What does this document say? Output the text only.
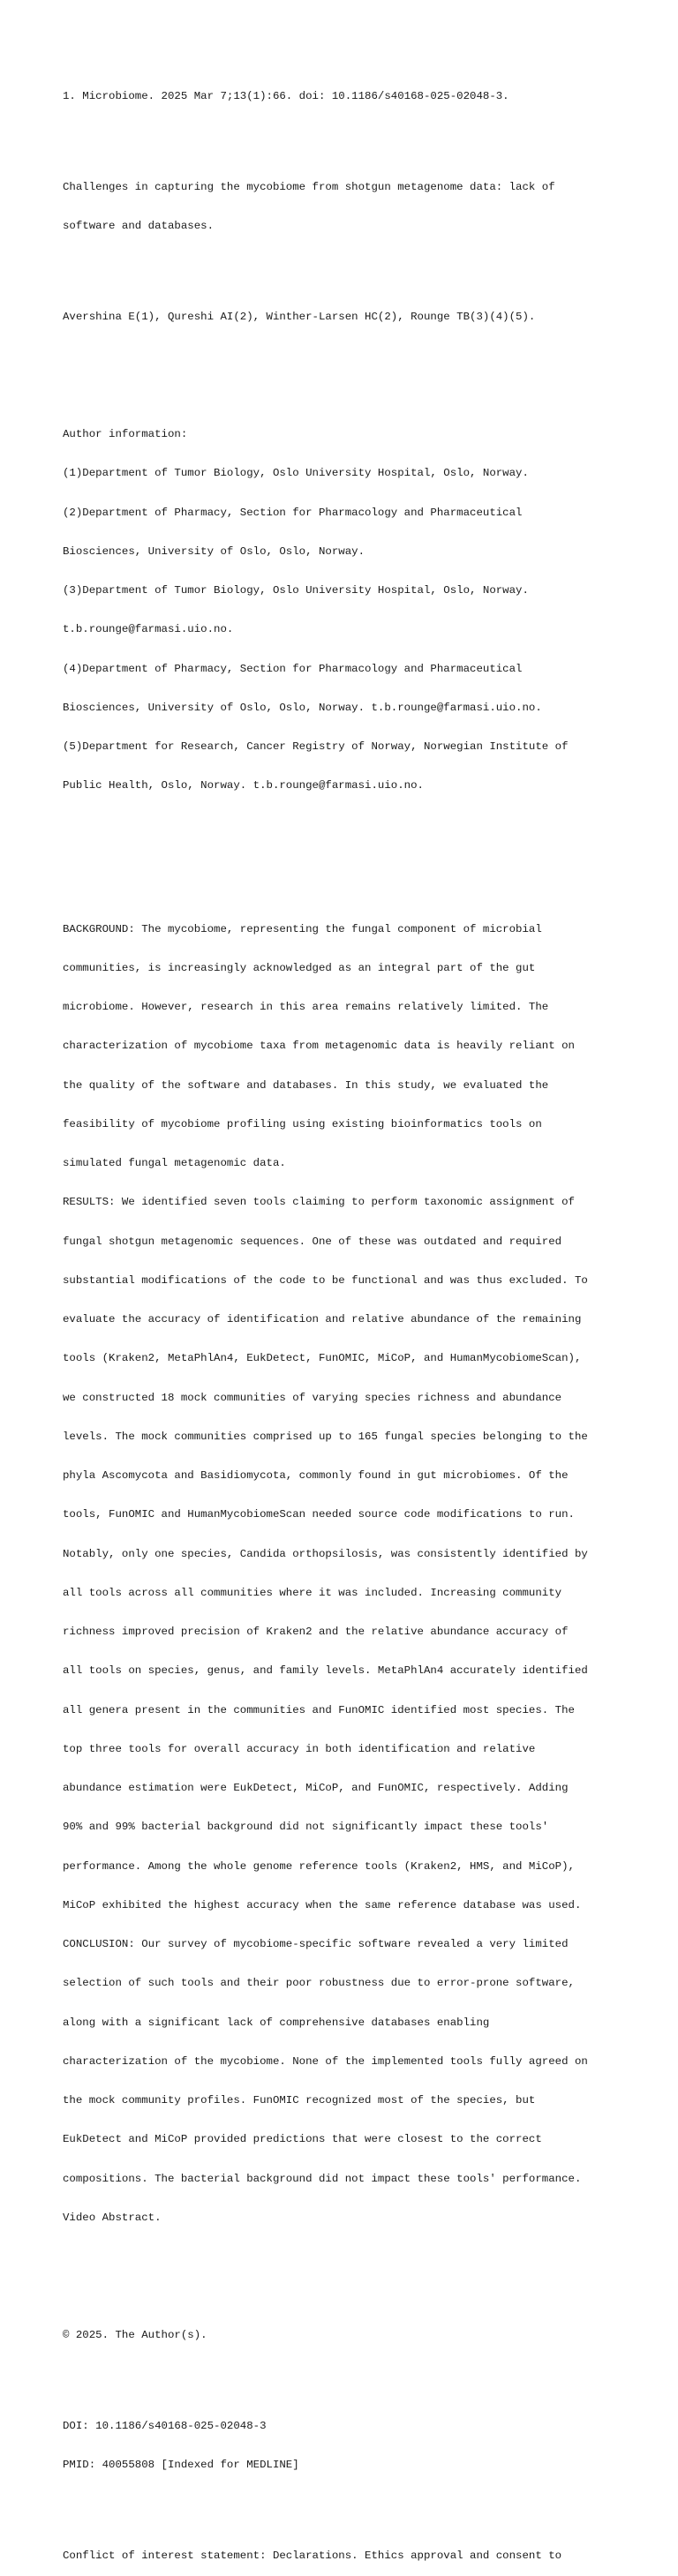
1. Microbiome. 2025 Mar 7;13(1):66. doi: 10.1186/s40168-025-02048-3.

Challenges in capturing the mycobiome from shotgun metagenome data: lack of

software and databases.

Avershina E(1), Qureshi AI(2), Winther-Larsen HC(2), Rounge TB(3)(4)(5).

Author information:

(1)Department of Tumor Biology, Oslo University Hospital, Oslo, Norway.

(2)Department of Pharmacy, Section for Pharmacology and Pharmaceutical

Biosciences, University of Oslo, Oslo, Norway.

(3)Department of Tumor Biology, Oslo University Hospital, Oslo, Norway.

t.b.rounge@farmasi.uio.no.

(4)Department of Pharmacy, Section for Pharmacology and Pharmaceutical

Biosciences, University of Oslo, Oslo, Norway. t.b.rounge@farmasi.uio.no.

(5)Department for Research, Cancer Registry of Norway, Norwegian Institute of

Public Health, Oslo, Norway. t.b.rounge@farmasi.uio.no.

BACKGROUND: The mycobiome, representing the fungal component of microbial

communities, is increasingly acknowledged as an integral part of the gut

microbiome. However, research in this area remains relatively limited. The

characterization of mycobiome taxa from metagenomic data is heavily reliant on

the quality of the software and databases. In this study, we evaluated the

feasibility of mycobiome profiling using existing bioinformatics tools on

simulated fungal metagenomic data.

RESULTS: We identified seven tools claiming to perform taxonomic assignment of

fungal shotgun metagenomic sequences. One of these was outdated and required

substantial modifications of the code to be functional and was thus excluded. To

evaluate the accuracy of identification and relative abundance of the remaining

tools (Kraken2, MetaPhlAn4, EukDetect, FunOMIC, MiCoP, and HumanMycobiomeScan),

we constructed 18 mock communities of varying species richness and abundance

levels. The mock communities comprised up to 165 fungal species belonging to the

phyla Ascomycota and Basidiomycota, commonly found in gut microbiomes. Of the

tools, FunOMIC and HumanMycobiomeScan needed source code modifications to run.

Notably, only one species, Candida orthopsilosis, was consistently identified by

all tools across all communities where it was included. Increasing community

richness improved precision of Kraken2 and the relative abundance accuracy of

all tools on species, genus, and family levels. MetaPhlAn4 accurately identified

all genera present in the communities and FunOMIC identified most species. The

top three tools for overall accuracy in both identification and relative

abundance estimation were EukDetect, MiCoP, and FunOMIC, respectively. Adding

90% and 99% bacterial background did not significantly impact these tools'

performance. Among the whole genome reference tools (Kraken2, HMS, and MiCoP),

MiCoP exhibited the highest accuracy when the same reference database was used.

CONCLUSION: Our survey of mycobiome-specific software revealed a very limited

selection of such tools and their poor robustness due to error-prone software,

along with a significant lack of comprehensive databases enabling

characterization of the mycobiome. None of the implemented tools fully agreed on

the mock community profiles. FunOMIC recognized most of the species, but

EukDetect and MiCoP provided predictions that were closest to the correct

compositions. The bacterial background did not impact these tools' performance.

Video Abstract.

© 2025. The Author(s).

DOI: 10.1186/s40168-025-02048-3

PMID: 40055808 [Indexed for MEDLINE]

Conflict of interest statement: Declarations. Ethics approval and consent to
